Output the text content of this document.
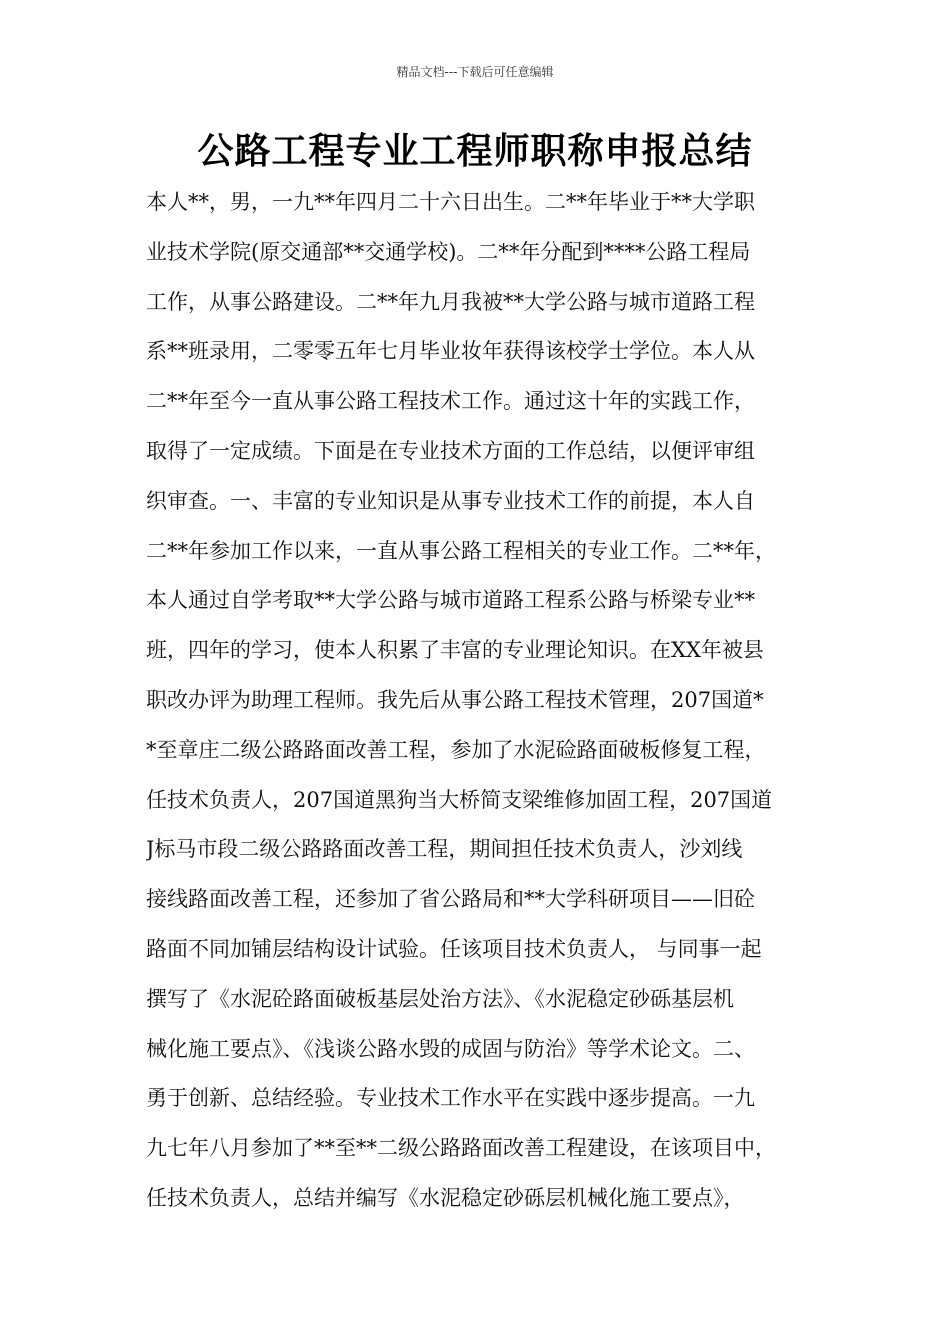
精品文档---下载后可任意编辑
公路工程专业工程师职称申报总结
本人**，男，一九**年四月二十六日出生。二**年毕业于**大学职
业技术学院(原交通部**交通学校)。二**年分配到****公路工程局
工作，从事公路建设。二**年九月我被**大学公路与城市道路工程
系**班录用，二零零五年七月毕业妆年获得该校学士学位。本人从
二**年至今一直从事公路工程技术工作。通过这十年的实践工作，
取得了一定成绩。下面是在专业技术方面的工作总结，以便评审组
织审查。一、丰富的专业知识是从事专业技术工作的前提，本人自
二**年参加工作以来，一直从事公路工程相关的专业工作。二**年，
本人通过自学考取**大学公路与城市道路工程系公路与桥梁专业**
班，四年的学习，使本人积累了丰富的专业理论知识。在XX年被县
职改办评为助理工程师。我先后从事公路工程技术管理，207国道*
*至章庄二级公路路面改善工程，参加了水泥硷路面破板修复工程，
任技术负责人，207国道黑狗当大桥简支梁维修加固工程，207国道
J标马市段二级公路路面改善工程，期间担任技术负责人，沙刘线
接线路面改善工程，还参加了省公路局和**大学科研项目——旧砼
路面不同加铺层结构设计试验。任该项目技术负责人， 与同事一起
撰写了《水泥砼路面破板基层处治方法》、《水泥稳定砂砾基层机
械化施工要点》、《浅谈公路水毁的成固与防治》等学术论文。二、
勇于创新、总结经验。专业技术工作水平在实践中逐步提高。一九
九七年八月参加了**至**二级公路路面改善工程建设，在该项目中，
任技术负责人，总结并编写《水泥稳定砂砾层机械化施工要点》，
